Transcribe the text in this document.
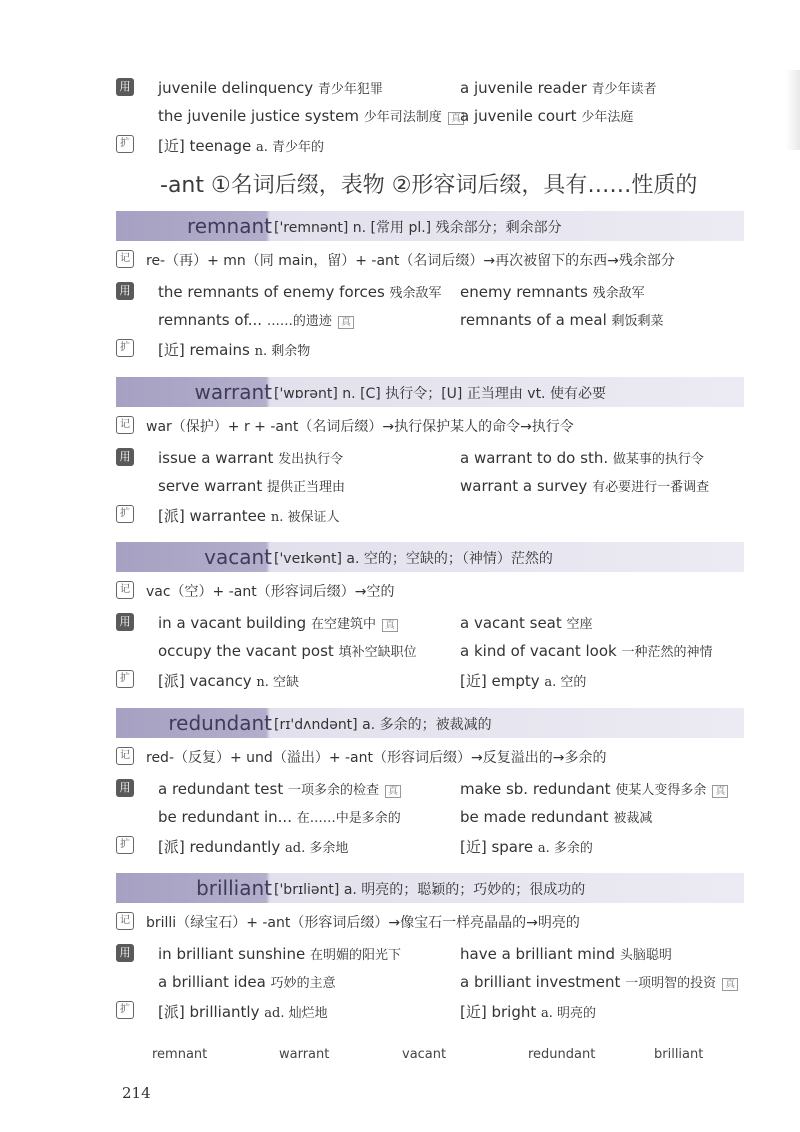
用 juvenile delinquency 青少年犯罪	a juvenile reader 青少年读者
the juvenile justice system 少年司法制度 真 a juvenile court 少年法庭
扩 [近] teenage a. 青少年的
-ant ①名词后缀，表物 ②形容词后缀，具有……性质的
remnant ['remnənt] n. [常用 pl.] 残余部分；剩余部分
记 re-（再）+ mn（同 main，留）+ -ant（名词后缀）→再次被留下的东西→残余部分
用 the remnants of enemy forces 残余敌军 enemy remnants 残余敌军
remnants of... ……的遗迹 真	remnants of a meal 剩饭剩菜
扩 [近] remains n. 剩余物
warrant ['wɒrənt] n. [C] 执行令；[U] 正当理由 vt. 使有必要
记 war（保护）+ r + -ant（名词后缀）→执行保护某人的命令→执行令
用 issue a warrant 发出执行令	a warrant to do sth. 做某事的执行令
serve warrant 提供正当理由	warrant a survey 有必要进行一番调查
扩 [派] warrantee n. 被保证人
vacant ['veɪkənt] a. 空的；空缺的；（神情）茫然的
记 vac（空）+ -ant（形容词后缀）→空的
用 in a vacant building 在空建筑中 真	a vacant seat 空座
occupy the vacant post 填补空缺职位	a kind of vacant look 一种茫然的神情
扩 [派] vacancy n. 空缺	[近] empty a. 空的
redundant [rɪ'dʌndənt] a. 多余的；被裁减的
记 red-（反复）+ und（溢出）+ -ant（形容词后缀）→反复溢出的→多余的
用 a redundant test 一项多余的检查 真	make sb. redundant 使某人变得多余 真
be redundant in... 在……中是多余的	be made redundant 被裁减
扩 [派] redundantly ad. 多余地	[近] spare a. 多余的
brilliant ['brɪliənt] a. 明亮的；聪颖的；巧妙的；很成功的
记 brilli（绿宝石）+ -ant（形容词后缀）→像宝石一样亮晶晶的→明亮的
用 in brilliant sunshine 在明媚的阳光下	have a brilliant mind 头脑聪明
a brilliant idea 巧妙的主意	a brilliant investment 一项明智的投资 真
扩 [派] brilliantly ad. 灿烂地	[近] bright a. 明亮的
remnant	warrant	vacant	redundant	brilliant
214
